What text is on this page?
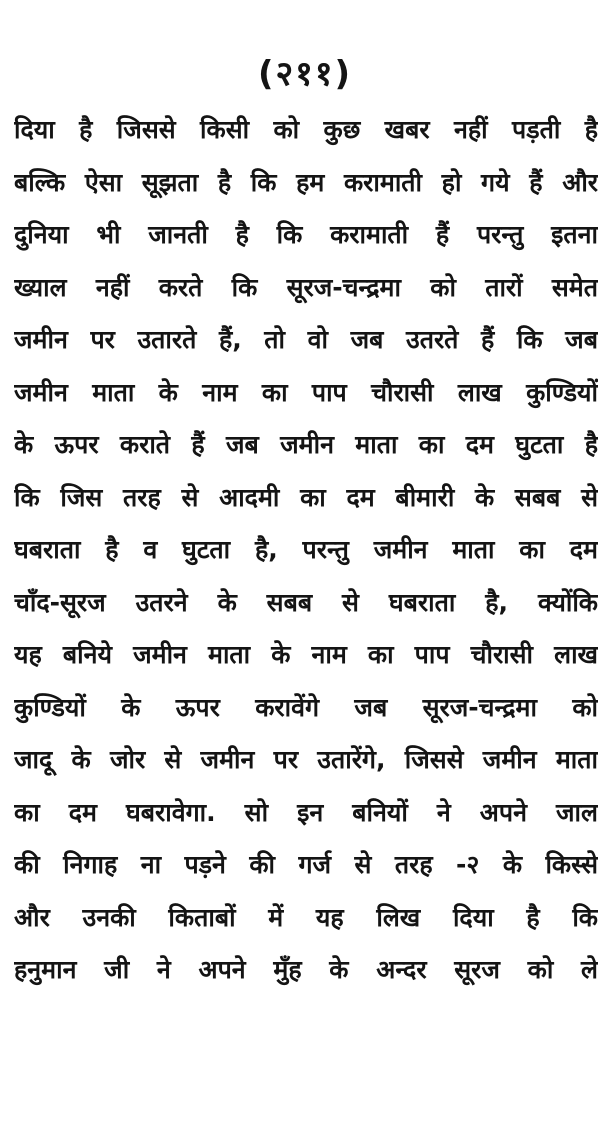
(२११)
दिया है जिससे किसी को कुछ खबर नहीं पड़ती है
बल्कि ऐसा सूझता है कि हम करामाती हो गये हैं और
दुनिया भी जानती है कि करामाती हैं परन्तु इतना
ख्याल नहीं करते कि सूरज-चन्द्रमा को तारों समेत
जमीन पर उतारते हैं, तो वो जब उतरते हैं कि जब
जमीन माता के नाम का पाप चौरासी लाख कुण्डियों
के ऊपर कराते हैं जब जमीन माता का दम घुटता है
कि जिस तरह से आदमी का दम बीमारी के सबब से
घबराता है व घुटता है, परन्तु जमीन माता का दम
चाँद-सूरज उतरने के सबब से घबराता है, क्योंकि
यह बनिये जमीन माता के नाम का पाप चौरासी लाख
कुण्डियों के ऊपर करावेंगे जब सूरज-चन्द्रमा को
जादू के जोर से जमीन पर उतारेंगे, जिससे जमीन माता
का दम घबरावेगा. सो इन बनियों ने अपने जाल
की निगाह ना पड़ने की गर्ज से तरह -२ के किस्से
और उनकी किताबों में यह लिख दिया है कि
हनुमान जी ने अपने मुँह के अन्दर सूरज को ले
